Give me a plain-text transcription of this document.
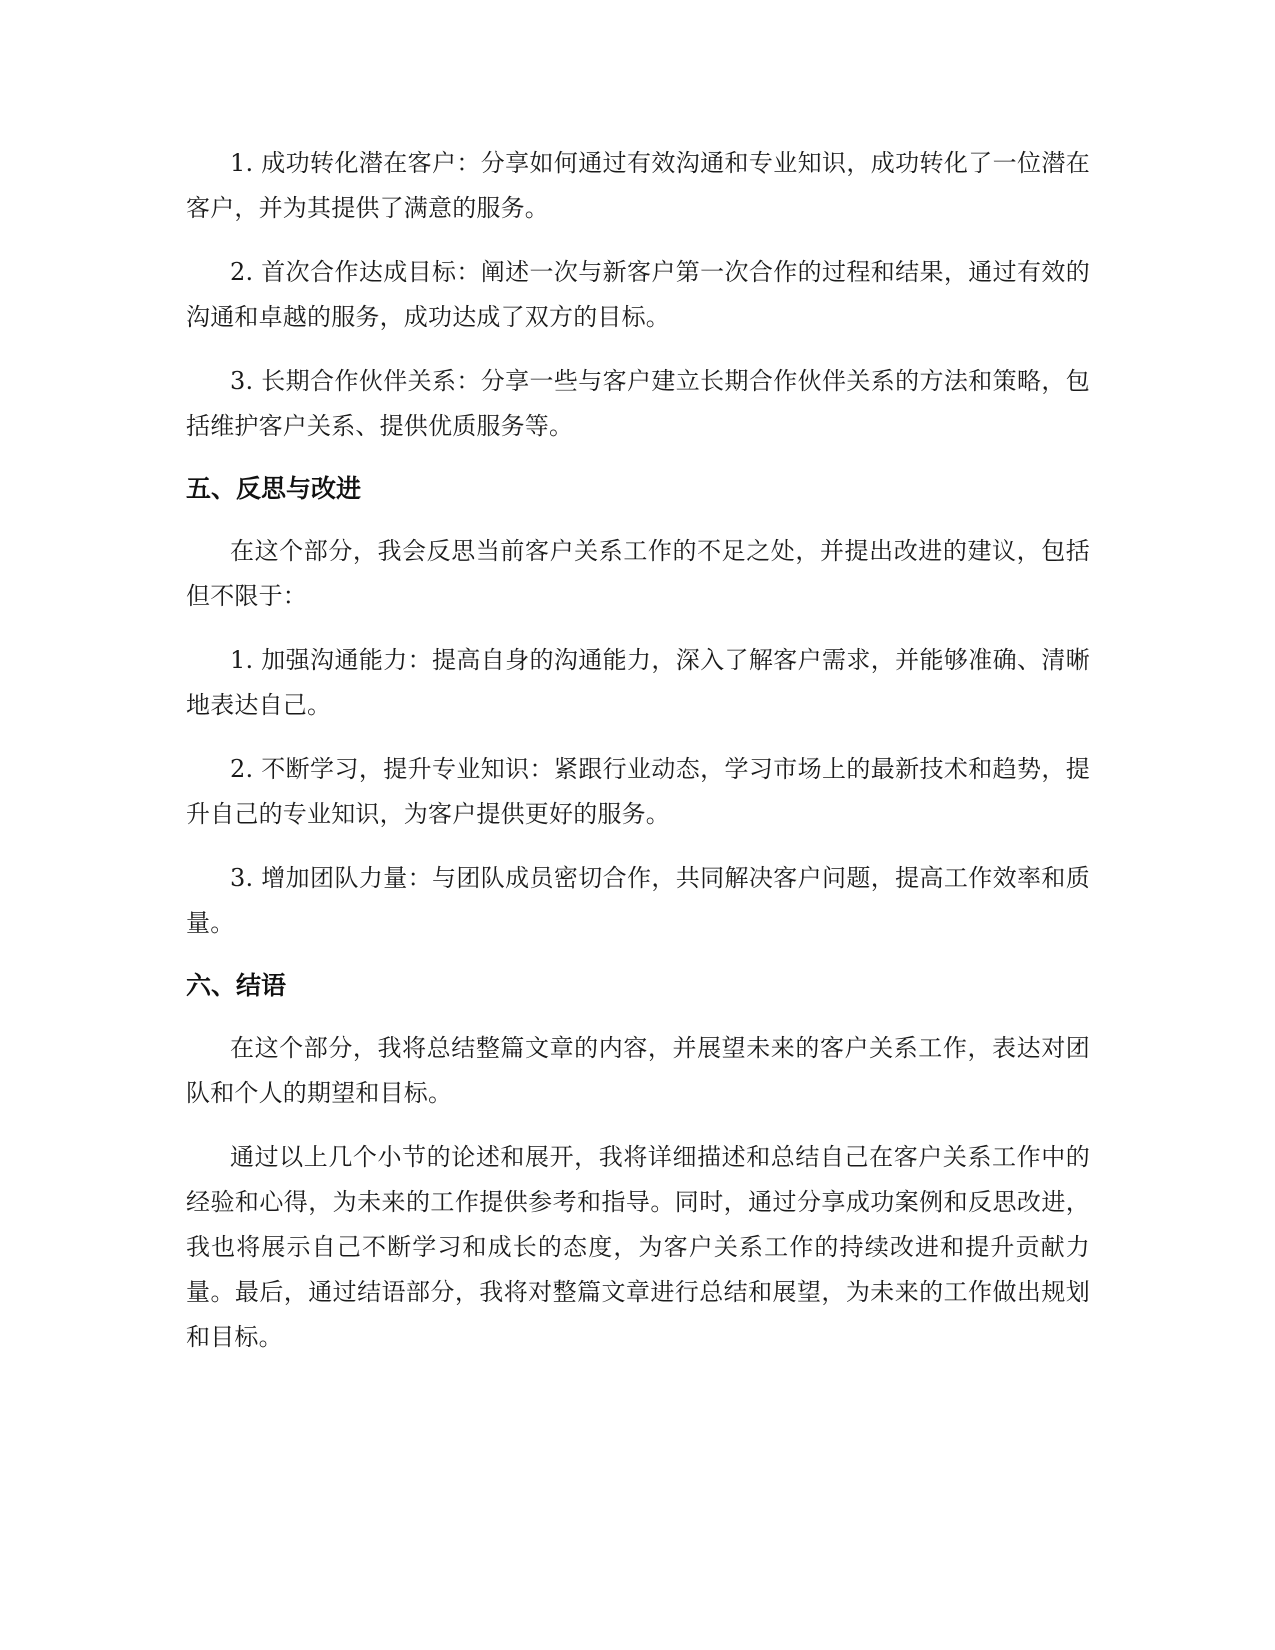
1. 成功转化潜在客户：分享如何通过有效沟通和专业知识，成功转化了一位潜在客户，并为其提供了满意的服务。

2. 首次合作达成目标：阐述一次与新客户第一次合作的过程和结果，通过有效的沟通和卓越的服务，成功达成了双方的目标。

3. 长期合作伙伴关系：分享一些与客户建立长期合作伙伴关系的方法和策略，包括维护客户关系、提供优质服务等。

五、反思与改进

在这个部分，我会反思当前客户关系工作的不足之处，并提出改进的建议，包括但不限于：

1. 加强沟通能力：提高自身的沟通能力，深入了解客户需求，并能够准确、清晰地表达自己。

2. 不断学习，提升专业知识：紧跟行业动态，学习市场上的最新技术和趋势，提升自己的专业知识，为客户提供更好的服务。

3. 增加团队力量：与团队成员密切合作，共同解决客户问题，提高工作效率和质量。

六、结语

在这个部分，我将总结整篇文章的内容，并展望未来的客户关系工作，表达对团队和个人的期望和目标。

通过以上几个小节的论述和展开，我将详细描述和总结自己在客户关系工作中的经验和心得，为未来的工作提供参考和指导。同时，通过分享成功案例和反思改进，我也将展示自己不断学习和成长的态度，为客户关系工作的持续改进和提升贡献力量。最后，通过结语部分，我将对整篇文章进行总结和展望，为未来的工作做出规划和目标。
